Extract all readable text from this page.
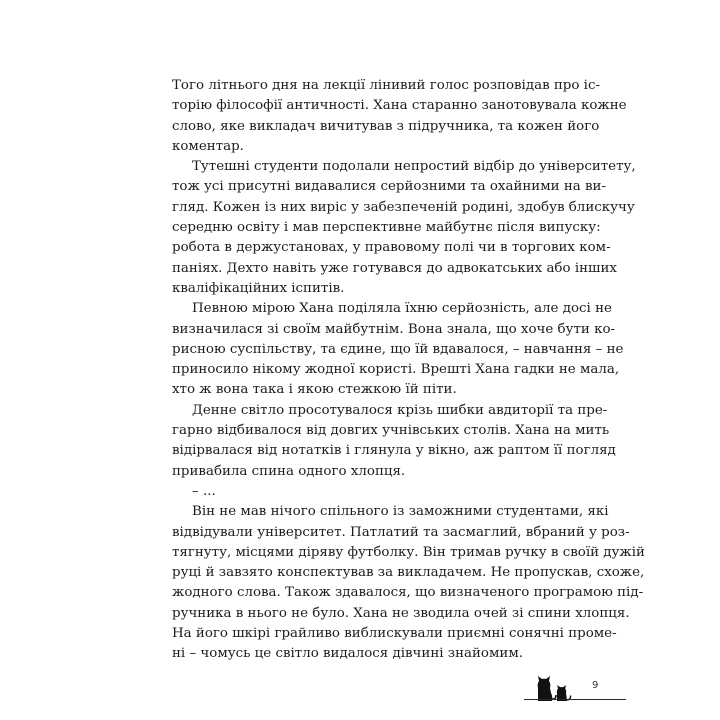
Того літнього дня на лекції лінивий голос розповідав про іс-
торію філософії античності. Хана старанно занотовувала кожне
слово, яке викладач вичитував з підручника, та кожен його
коментар.
Тутешні студенти подолали непростий відбір до університету,
тож усі присутні видавалися серйозними та охайними на ви-
гляд. Кожен із них виріс у забезпеченій родині, здобув блискучу
середню освіту і мав перспективне майбутнє після випуску:
робота в держустановах, у правовому полі чи в торгових ком-
паніях. Дехто навіть уже готувався до адвокатських або інших
кваліфікаційних іспитів.
Певною мірою Хана поділяла їхню серйозність, але досі не
визначилася зі своїм майбутнім. Вона знала, що хоче бути ко-
рисною суспільству, та єдине, що їй вдавалося, – навчання – не
приносило нікому жодної користі. Врешті Хана гадки не мала,
хто ж вона така і якою стежкою їй піти.
Денне світло просотувалося крізь шибки авдиторії та пре-
гарно відбивалося від довгих учнівських столів. Хана на мить
відірвалася від нотатків і глянула у вікно, аж раптом її погляд
привабила спина одного хлопця.
– ...
Він не мав нічого спільного із заможними студентами, які
відвідували університет. Патлатий та засмаглий, вбраний у роз-
тягнуту, місцями діряву футболку. Він тримав ручку в своїй дужій
руці й завзято конспектував за викладачем. Не пропускав, схоже,
жодного слова. Також здавалося, що визначеного програмою під-
ручника в нього не було. Хана не зводила очей зі спини хлопця.
На його шкірі грайливо виблискували приємні сонячні проме-
ні – чомусь це світло видалося дівчині знайомим.
9
